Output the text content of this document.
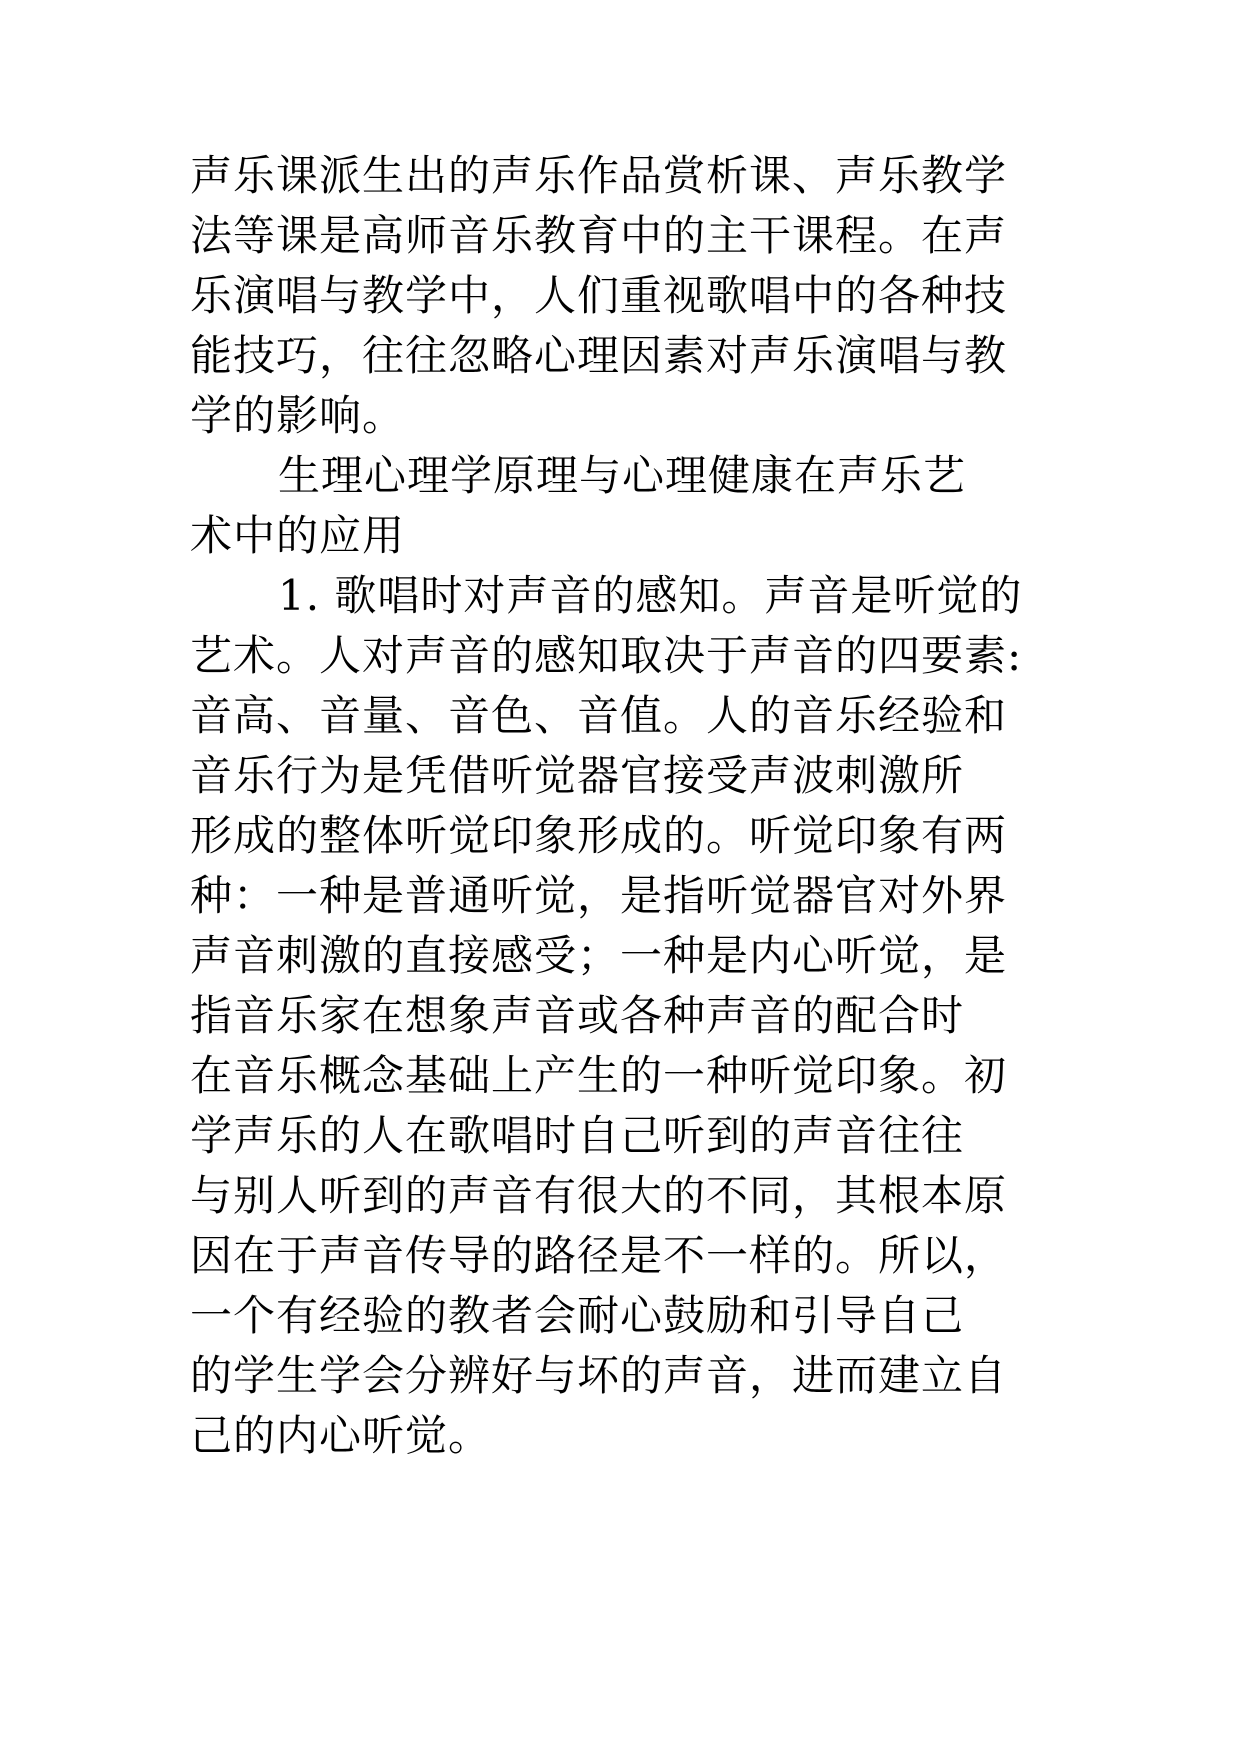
声乐课派生出的声乐作品赏析课、声乐教学
法等课是高师音乐教育中的主干课程。在声
乐演唱与教学中，人们重视歌唱中的各种技
能技巧，往往忽略心理因素对声乐演唱与教
学的影响。
生理心理学原理与心理健康在声乐艺
术中的应用
1. 歌唱时对声音的感知。声音是听觉的
艺术。人对声音的感知取决于声音的四要素:
音高、音量、音色、音值。人的音乐经验和
音乐行为是凭借听觉器官接受声波刺激所
形成的整体听觉印象形成的。听觉印象有两
种：一种是普通听觉，是指听觉器官对外界
声音刺激的直接感受；一种是内心听觉，是
指音乐家在想象声音或各种声音的配合时
在音乐概念基础上产生的一种听觉印象。初
学声乐的人在歌唱时自己听到的声音往往
与别人听到的声音有很大的不同，其根本原
因在于声音传导的路径是不一样的。所以，
一个有经验的教者会耐心鼓励和引导自己
的学生学会分辨好与坏的声音，进而建立自
己的内心听觉。
